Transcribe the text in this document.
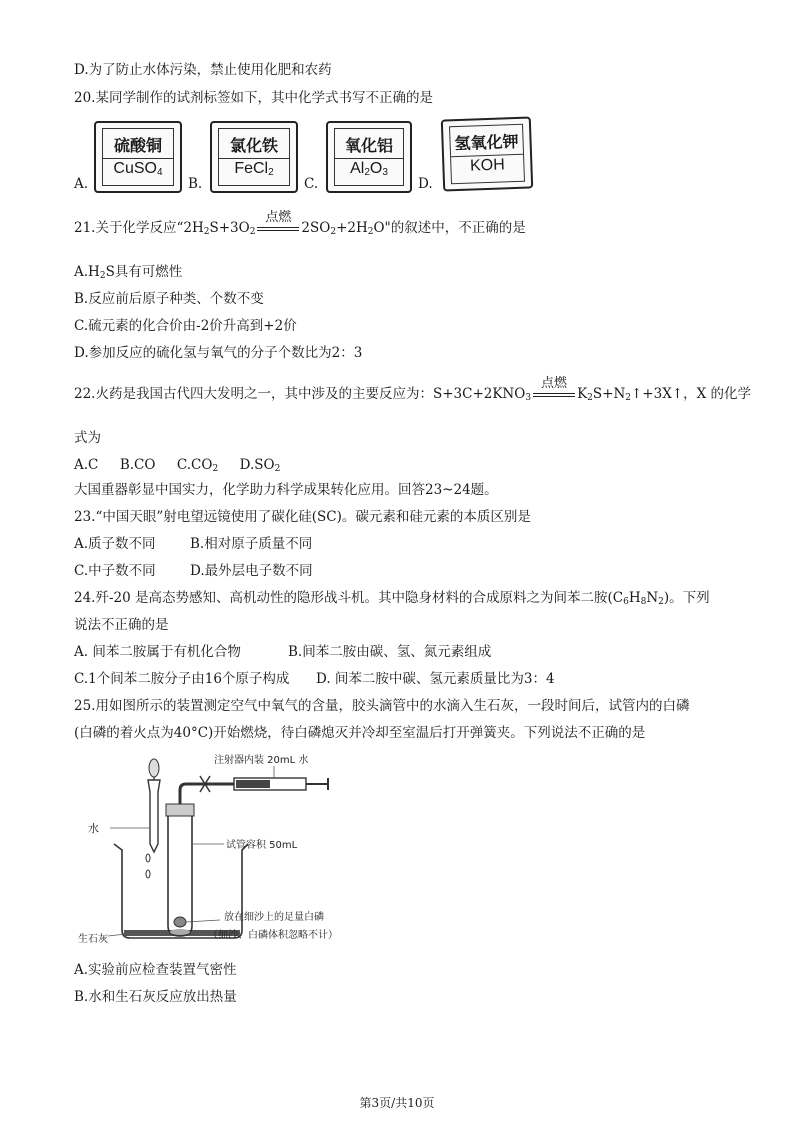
D.为了防止水体污染，禁止使用化肥和农药
20.某同学制作的试剂标签如下，其中化学式书写不正确的是
硫酸铜
CuSO$_4$
氯化铁
FeCl$_2$
氧化铝
$Al_2O_3$
氢氧化钾
KOH
A.	B.	C.	D.
21.关于化学反应“$2H_2S+3O_2$
点燃
$2SO_2+2H_2O$"的叙述中，不正确的是
$A.H_2S$具有可燃性
B.反应前后原子种类、个数不变
C.硫元素的化合价由-2价升高到+2价
D.参加反应的硫化氢与氧气的分子个数比为2：3
22.火药是我国古代四大发明之一，其中涉及的主要反应为：$S+3C+2KNO_3$
点燃
$K_2S+N_2↑+3X↑$，X 的化学
式为
A.C     B.CO     $C.CO_2$     $D.SO_2$
大国重器彰显中国实力，化学助力科学成果转化应用。回答23~24题。
23.“中国天眼”射电望远镜使用了碳化硅(SC)。碳元素和硅元素的本质区别是
A.质子数不同	B.相对原子质量不同
C.中子数不同	D.最外层电子数不同
24.歼-20 是高态势感知、高机动性的隐形战斗机。其中隐身材料的合成原料之为间苯二胺$(C_6H_8N_2)$。下列
说法不正确的是
A. 间苯二胺属于有机化合物	B.间苯二胺由碳、氢、氮元素组成
C.1个间苯二胺分子由16个原子构成 D. 间苯二胺中碳、氢元素质量比为3：4
25.用如图所示的装置测定空气中氧气的含量，胶头滴管中的水滴入生石灰，一段时间后，试管内的白磷
(白磷的着火点为40°C)开始燃烧，待白磷熄灭并冷却至室温后打开弹簧夹。下列说法不正确的是
注射器内装 20mL 水
水
试管容积 50mL
放在细沙上的足量白磷
（细沙、白磷体积忽略不计）
生石灰
A.实验前应检查装置气密性
B.水和生石灰反应放出热量
第3页/共10页
